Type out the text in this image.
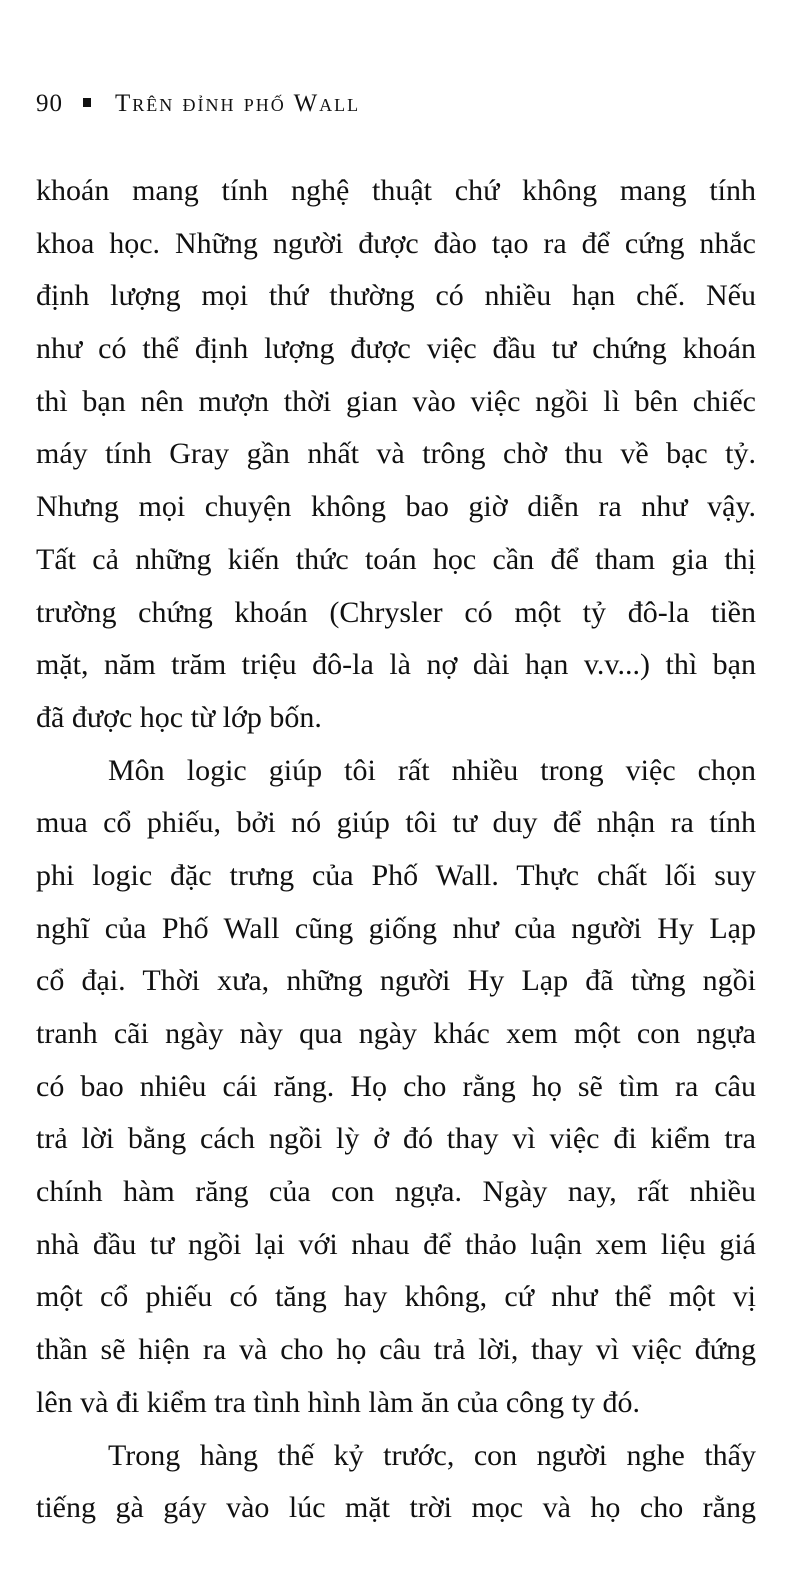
90 Trên đỉnh phố Wall
khoán mang tính nghệ thuật chứ không mang tính
khoa học. Những người được đào tạo ra để cứng nhắc
định lượng mọi thứ thường có nhiều hạn chế. Nếu
như có thể định lượng được việc đầu tư chứng khoán
thì bạn nên mượn thời gian vào việc ngồi lì bên chiếc
máy tính Gray gần nhất và trông chờ thu về bạc tỷ.
Nhưng mọi chuyện không bao giờ diễn ra như vậy.
Tất cả những kiến thức toán học cần để tham gia thị
trường chứng khoán (Chrysler có một tỷ đô-la tiền
mặt, năm trăm triệu đô-la là nợ dài hạn v.v...) thì bạn
đã được học từ lớp bốn.
Môn logic giúp tôi rất nhiều trong việc chọn
mua cổ phiếu, bởi nó giúp tôi tư duy để nhận ra tính
phi logic đặc trưng của Phố Wall. Thực chất lối suy
nghĩ của Phố Wall cũng giống như của người Hy Lạp
cổ đại. Thời xưa, những người Hy Lạp đã từng ngồi
tranh cãi ngày này qua ngày khác xem một con ngựa
có bao nhiêu cái răng. Họ cho rằng họ sẽ tìm ra câu
trả lời bằng cách ngồi lỳ ở đó thay vì việc đi kiểm tra
chính hàm răng của con ngựa. Ngày nay, rất nhiều
nhà đầu tư ngồi lại với nhau để thảo luận xem liệu giá
một cổ phiếu có tăng hay không, cứ như thể một vị
thần sẽ hiện ra và cho họ câu trả lời, thay vì việc đứng
lên và đi kiểm tra tình hình làm ăn của công ty đó.
Trong hàng thế kỷ trước, con người nghe thấy
tiếng gà gáy vào lúc mặt trời mọc và họ cho rằng
